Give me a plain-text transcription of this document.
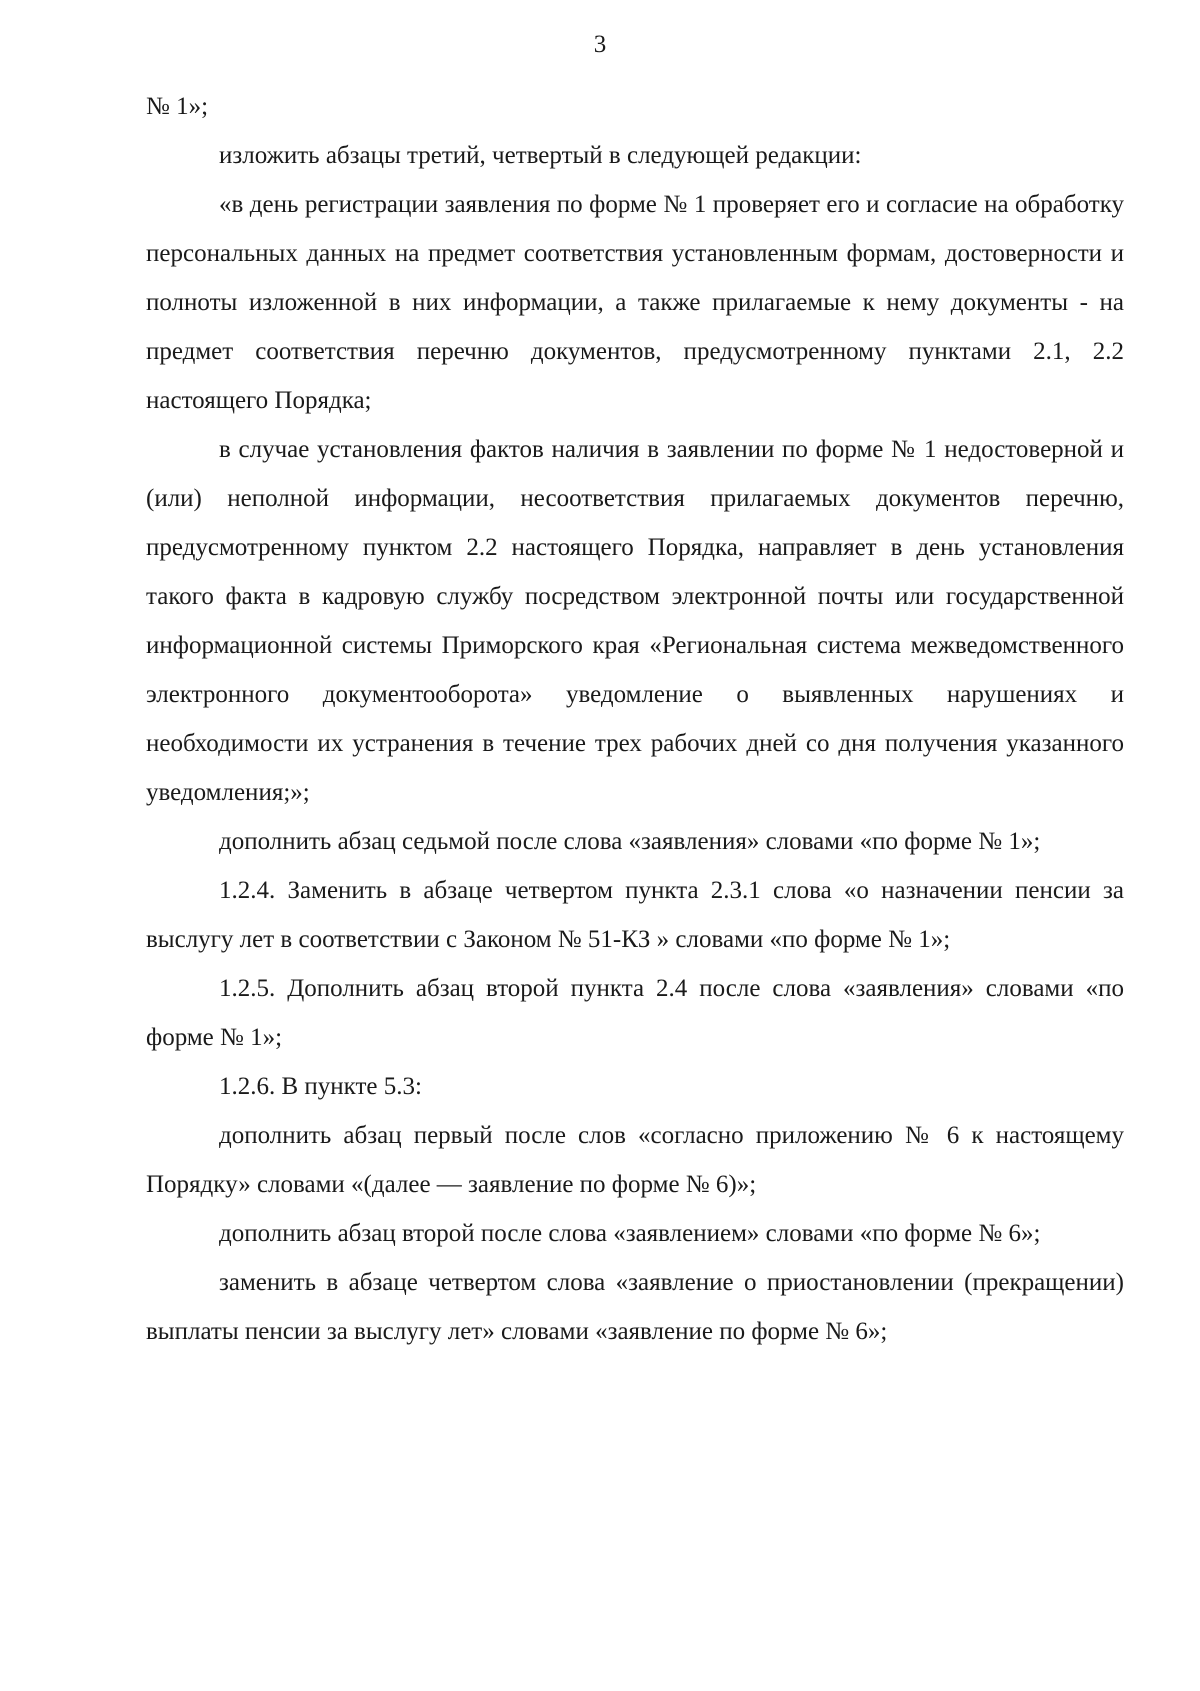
3

№ 1»;

изложить абзацы третий, четвертый в следующей редакции:

«в день регистрации заявления по форме № 1 проверяет его и согласие на обработку персональных данных на предмет соответствия установленным формам, достоверности и полноты изложенной в них информации, а также прилагаемые к нему документы - на предмет соответствия перечню документов, предусмотренному пунктами 2.1, 2.2 настоящего Порядка;

в случае установления фактов наличия в заявлении по форме № 1 недостоверной и (или) неполной информации, несоответствия прилагаемых документов перечню, предусмотренному пунктом 2.2 настоящего Порядка, направляет в день установления такого факта в кадровую службу посредством электронной почты или государственной информационной системы Приморского края «Региональная система межведомственного электронного документооборота» уведомление о выявленных нарушениях и необходимости их устранения в течение трех рабочих дней со дня получения указанного уведомления;»;

дополнить абзац седьмой после слова «заявления» словами «по форме № 1»;

1.2.4. Заменить в абзаце четвертом пункта 2.3.1 слова «о назначении пенсии за выслугу лет в соответствии с Законом № 51-КЗ » словами «по форме № 1»;

1.2.5. Дополнить абзац второй пункта 2.4 после слова «заявления» словами «по форме № 1»;

1.2.6. В пункте 5.3:

дополнить абзац первый после слов «согласно приложению № 6 к настоящему Порядку» словами «(далее — заявление по форме № 6)»;

дополнить абзац второй после слова «заявлением» словами «по форме № 6»;

заменить в абзаце четвертом слова «заявление о приостановлении (прекращении) выплаты пенсии за выслугу лет» словами «заявление по форме № 6»;
